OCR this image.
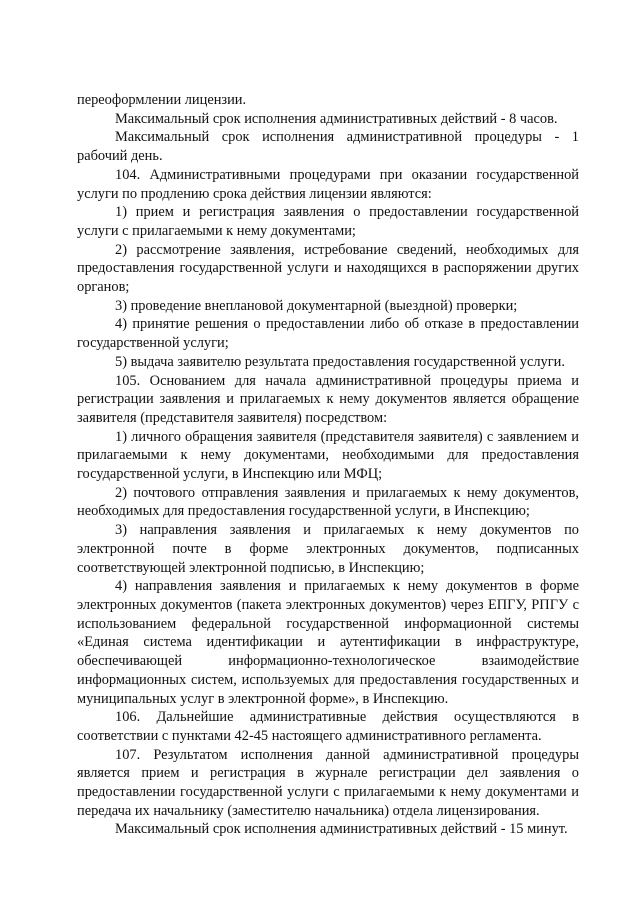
переоформлении лицензии.

Максимальный срок исполнения административных действий - 8 часов.

Максимальный срок исполнения административной процедуры - 1 рабочий день.

104. Административными процедурами при оказании государственной услуги по продлению срока действия лицензии являются:

1) прием и регистрация заявления о предоставлении государственной услуги с прилагаемыми к нему документами;

2) рассмотрение заявления, истребование сведений, необходимых для предоставления государственной услуги и находящихся в распоряжении других органов;

3) проведение внеплановой документарной (выездной) проверки;

4) принятие решения о предоставлении либо об отказе в предоставлении государственной услуги;

5) выдача заявителю результата предоставления государственной услуги.

105. Основанием для начала административной процедуры приема и регистрации заявления и прилагаемых к нему документов является обращение заявителя (представителя заявителя) посредством:

1) личного обращения заявителя (представителя заявителя) с заявлением и прилагаемыми к нему документами, необходимыми для предоставления государственной услуги, в Инспекцию или МФЦ;

2) почтового отправления заявления и прилагаемых к нему документов, необходимых для предоставления государственной услуги, в Инспекцию;

3) направления заявления и прилагаемых к нему документов по электронной почте в форме электронных документов, подписанных соответствующей электронной подписью, в Инспекцию;

4) направления заявления и прилагаемых к нему документов в форме электронных документов (пакета электронных документов) через ЕПГУ, РПГУ с использованием федеральной государственной информационной системы «Единая система идентификации и аутентификации в инфраструктуре, обеспечивающей информационно-технологическое взаимодействие информационных систем, используемых для предоставления государственных и муниципальных услуг в электронной форме», в Инспекцию.

106. Дальнейшие административные действия осуществляются в соответствии с пунктами 42-45 настоящего административного регламента.

107. Результатом исполнения данной административной процедуры является прием и регистрация в журнале регистрации дел заявления о предоставлении государственной услуги с прилагаемыми к нему документами и передача их начальнику (заместителю начальника) отдела лицензирования.

Максимальный срок исполнения административных действий - 15 минут.
